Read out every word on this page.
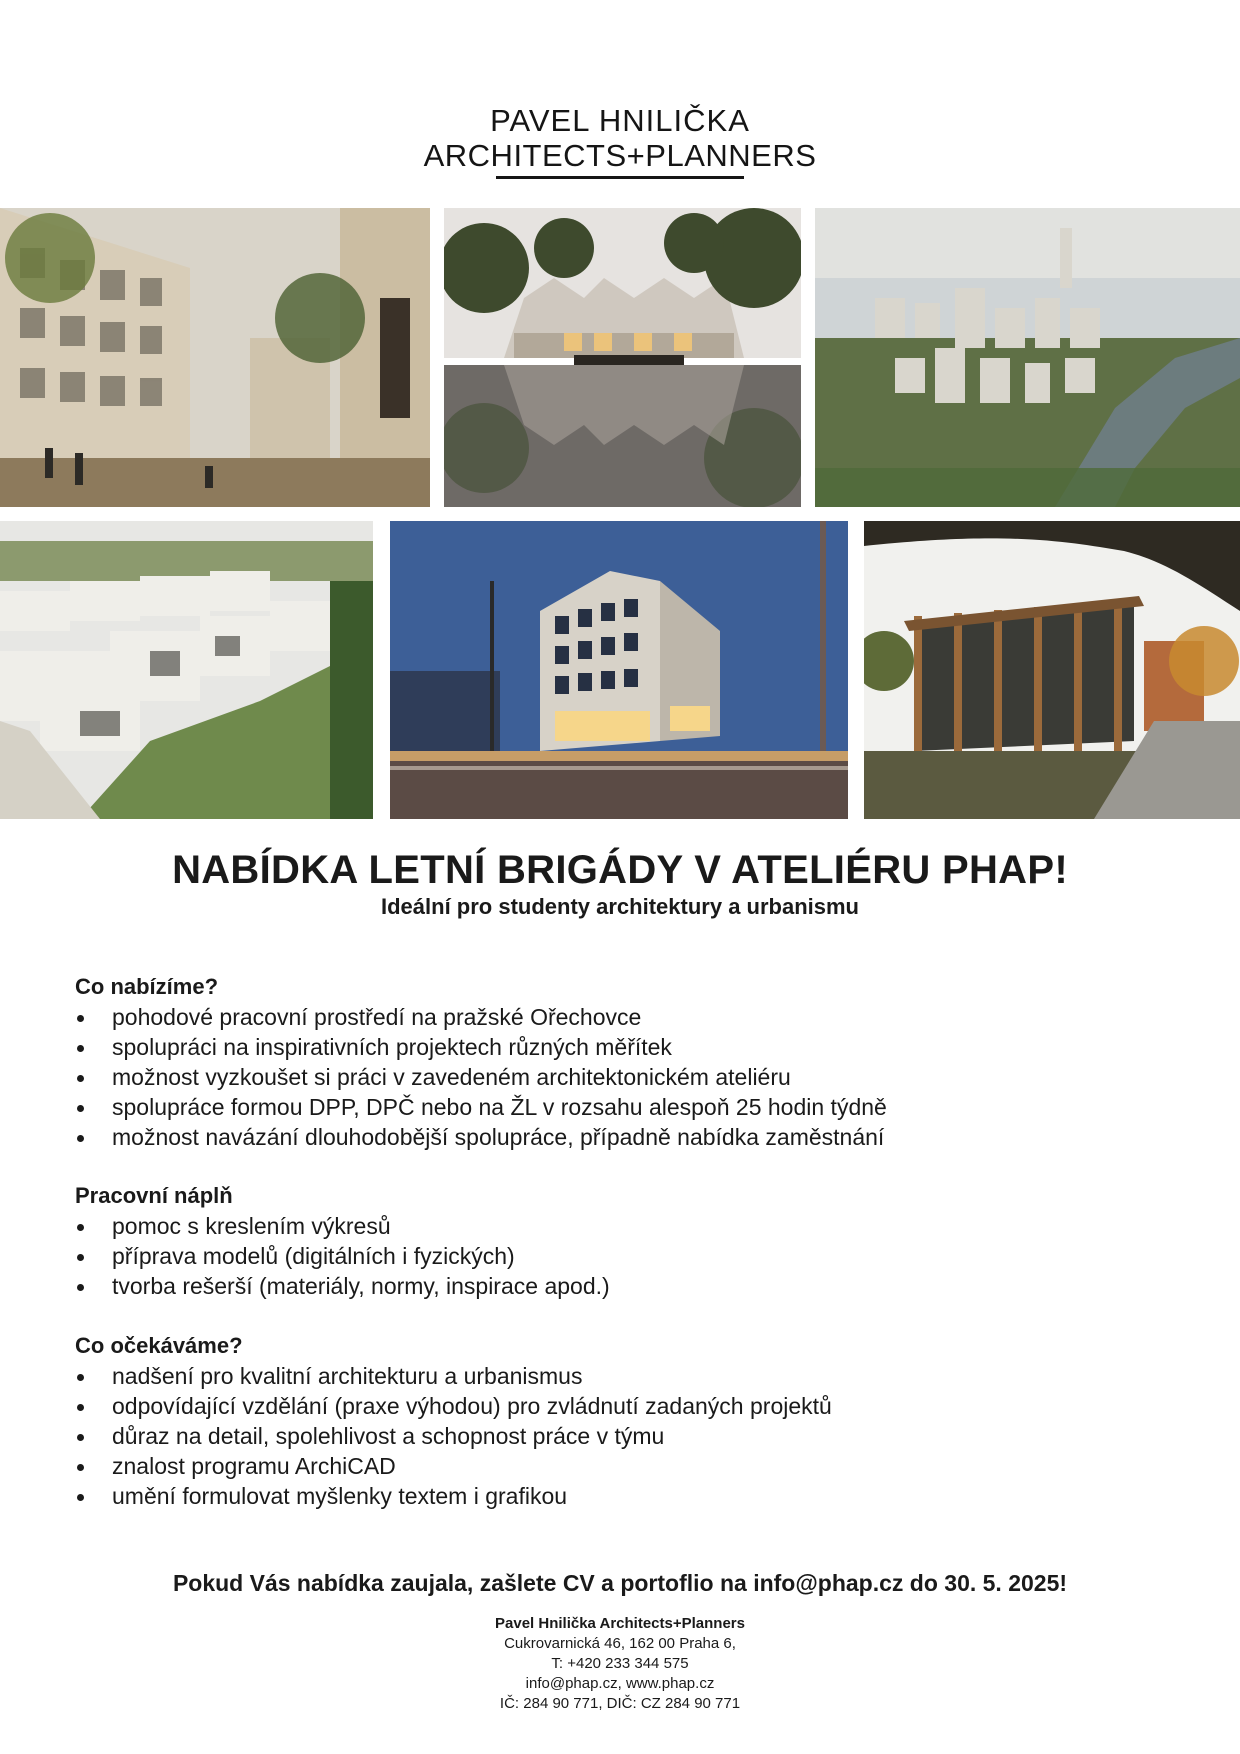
PAVEL HNILIČKA
ARCHITECTS+PLANNERS
NABÍDKA LETNÍ BRIGÁDY V ATELIÉRU PHAP!
Ideální pro studenty architektury a urbanismu
Co nabízíme?
pohodové pracovní prostředí na pražské Ořechovce
spolupráci na inspirativních projektech různých měřítek
možnost vyzkoušet si práci v zavedeném architektonickém ateliéru
spolupráce formou DPP, DPČ nebo na ŽL v rozsahu alespoň 25 hodin týdně
možnost navázání dlouhodobější spolupráce, případně nabídka zaměstnání
Pracovní náplň
pomoc s kreslením výkresů
příprava modelů (digitálních i fyzických)
tvorba rešerší (materiály, normy, inspirace apod.)
Co očekáváme?
nadšení pro kvalitní architekturu a urbanismus
odpovídající vzdělání (praxe výhodou) pro zvládnutí zadaných projektů
důraz na detail, spolehlivost a schopnost práce v týmu
znalost programu ArchiCAD
umění formulovat myšlenky textem i grafikou
Pokud Vás nabídka zaujala, zašlete CV a portoflio na info@phap.cz do 30. 5. 2025!
Pavel Hnilička Architects+Planners
Cukrovarnická 46, 162 00 Praha 6,
T: +420 233 344 575
info@phap.cz, www.phap.cz
IČ: 284 90 771, DIČ: CZ 284 90 771
